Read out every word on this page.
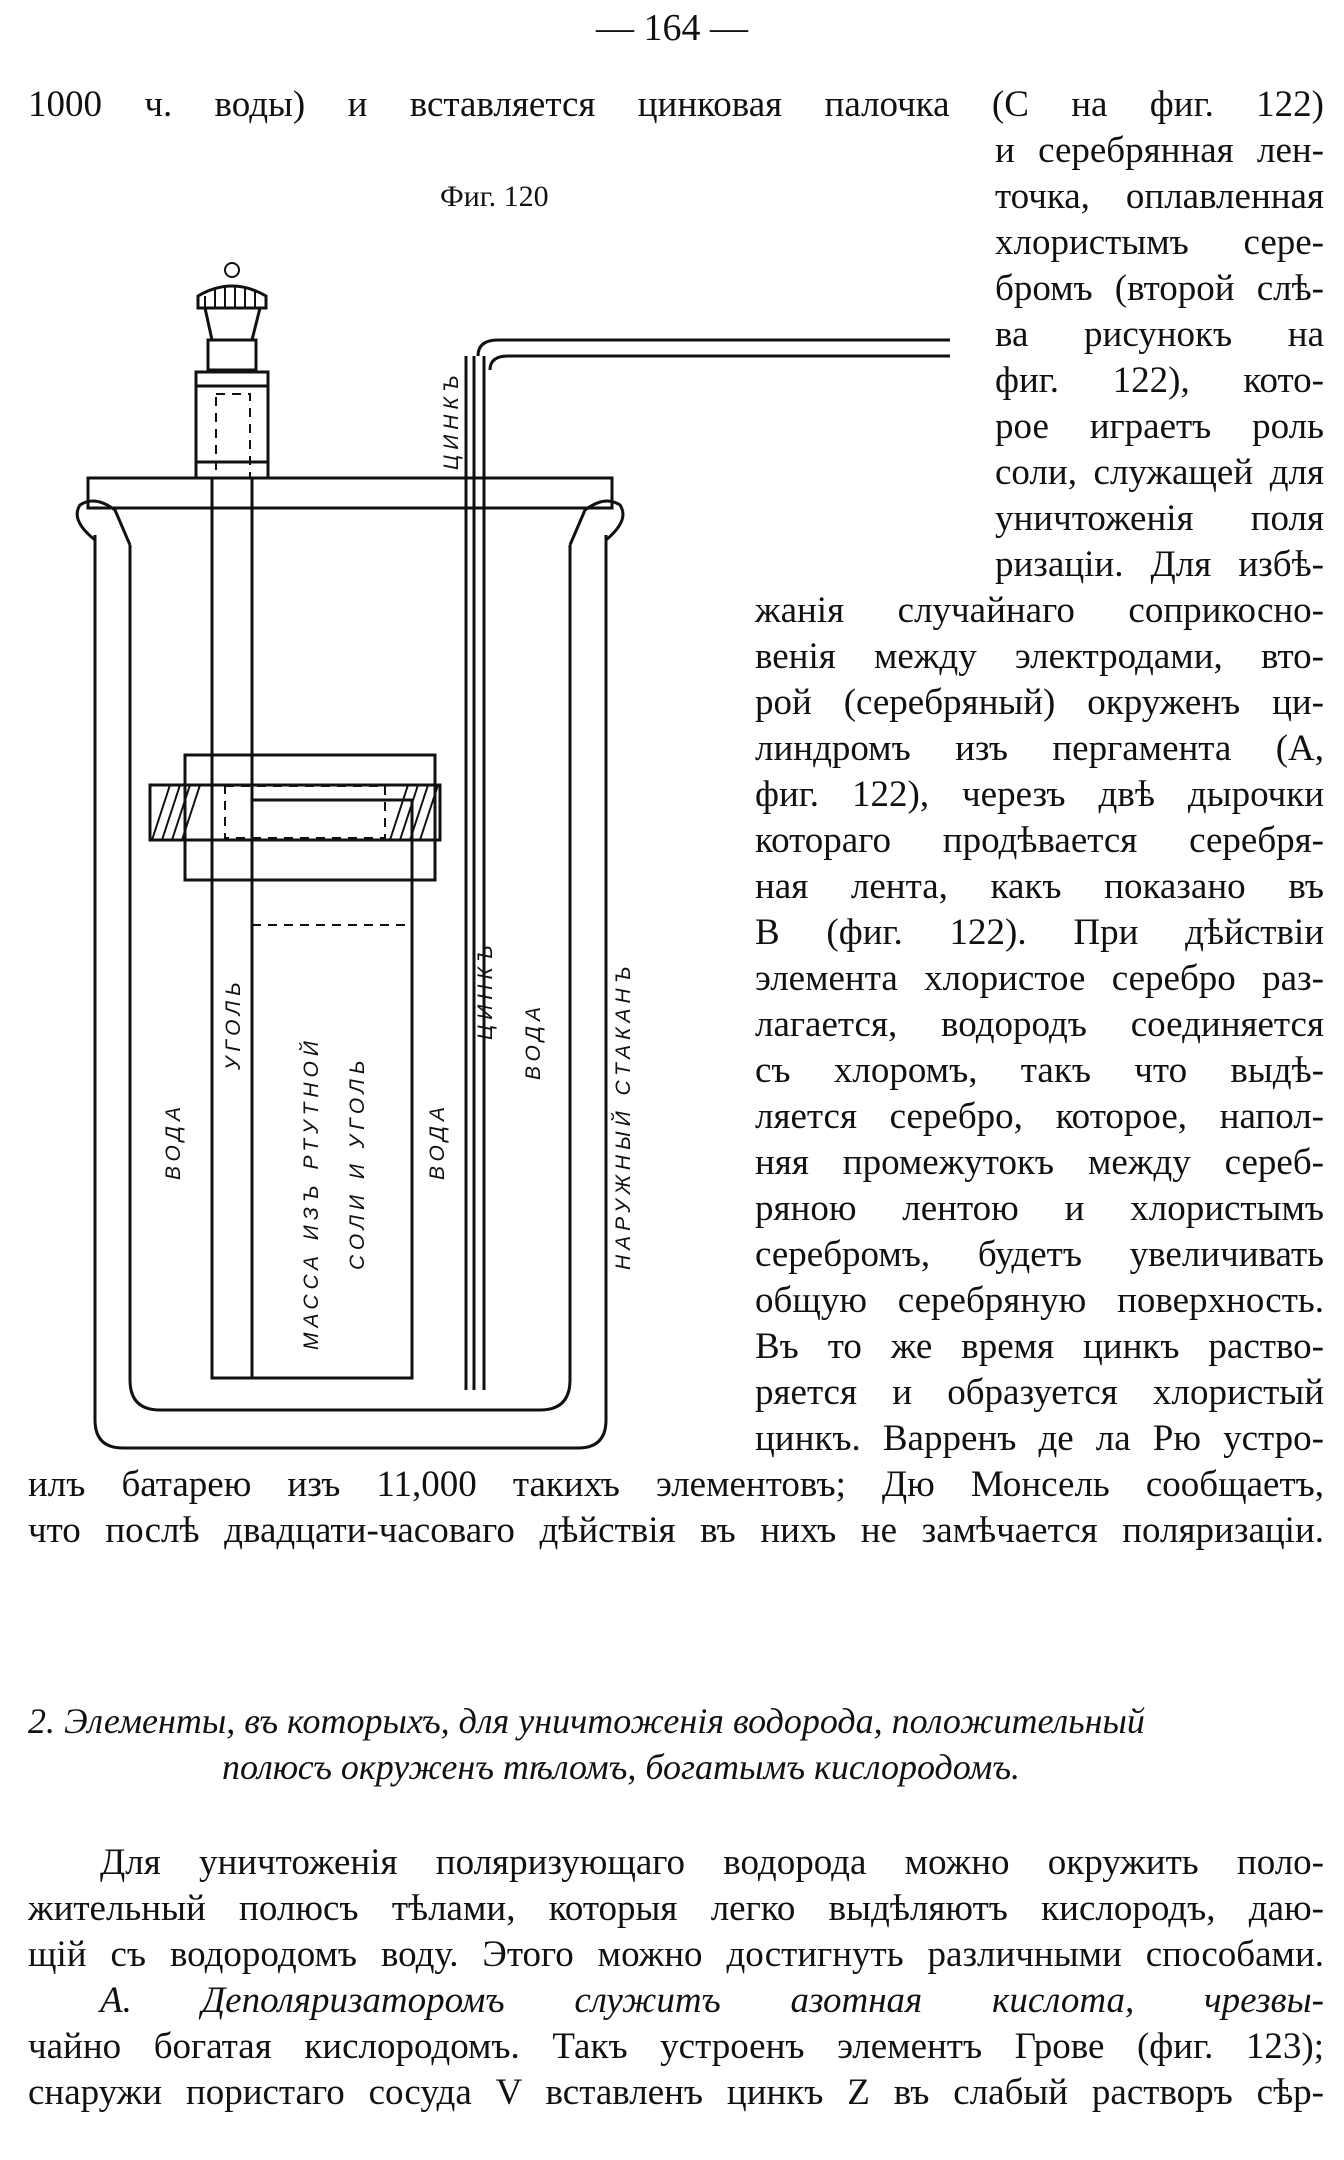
— 164 —
1000 ч. воды) и вставляется цинковая палочка (C на фиг. 122)
и серебрянная лен-
точка, оплавленная
хлористымъ сере-
бромъ (второй слѣ-
ва рисунокъ на
фиг. 122), кото-
рое играетъ роль
соли, служащей для
уничтоженія поля
ризаціи. Для избѣ-
жанія случайнаго соприкосно-
венія между электродами, вто-
рой (серебряный) окруженъ ци-
линдромъ изъ пергамента (A,
фиг. 122), черезъ двѣ дырочки
котораго продѣвается серебря-
ная лента, какъ показано въ
B (фиг. 122). При дѣйствіи
элемента хлористое серебро раз-
лагается, водородъ соединяется
съ хлоромъ, такъ что выдѣ-
ляется серебро, которое, напол-
няя промежутокъ между сереб-
ряною лентою и хлористымъ
серебромъ, будетъ увеличивать
общую серебряную поверхность.
Въ то же время цинкъ раство-
ряется и образуется хлористый
цинкъ. Варренъ де ла Рю устро-
илъ батарею изъ 11,000 такихъ элементовъ; Дю Монсель сообщаетъ,
что послѣ двадцати-часоваго дѣйствія въ нихъ не замѣчается поляризаціи.
Фиг. 120
ЦИНКЪ
ЦИНКЪ	НАРУЖНЫЙ СТАКАНЪ
ВОДА
УГОЛЬ
МАССА ИЗЪ РТУТНОЙ СОЛИ И УГОЛЬ	ВОДА
ВОДА
2. Элементы, въ которыхъ, для уничтоженія водорода, положительный
полюсъ окруженъ тѣломъ, богатымъ кислородомъ.
Для уничтоженія поляризующаго водорода можно окружить поло-
жительный полюсъ тѣлами, которыя легко выдѣляютъ кислородъ, даю-
щій съ водородомъ воду. Этого можно достигнуть различными способами.
A. Деполяризаторомъ служитъ азотная кислота, чрезвы-
чайно богатая кислородомъ. Такъ устроенъ элементъ Грове (фиг. 123);
снаружи пористаго сосуда V вставленъ цинкъ Z въ слабый растворъ сѣр-
